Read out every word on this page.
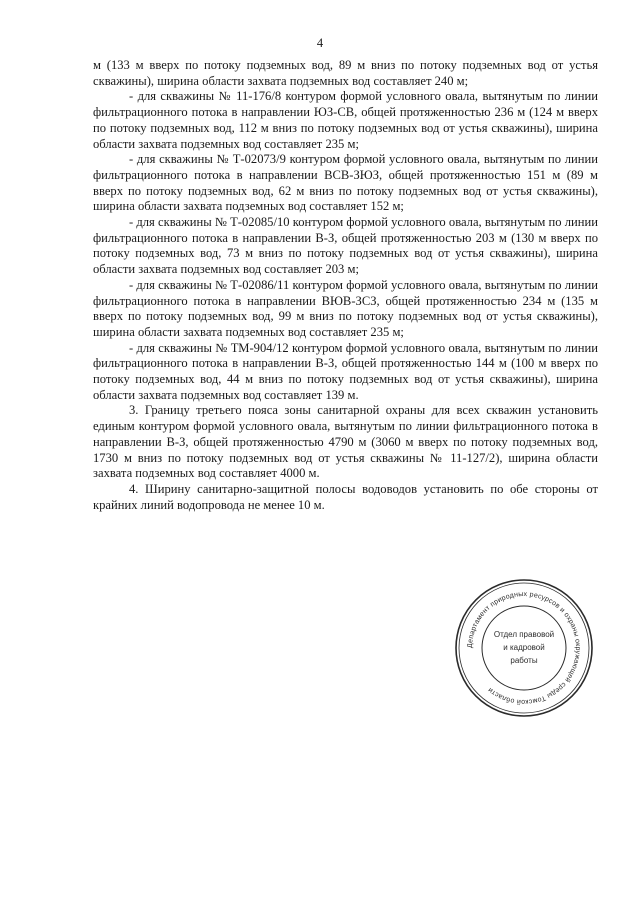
4

м (133 м вверх по потоку подземных вод, 89 м вниз по потоку подземных вод от устья скважины), ширина области захвата подземных вод составляет 240 м;

- для скважины № 11-176/8 контуром формой условного овала, вытянутым по линии фильтрационного потока в направлении ЮЗ-СВ, общей протяженностью 236 м (124 м вверх по потоку подземных вод, 112 м вниз по потоку подземных вод от устья скважины), ширина области захвата подземных вод составляет 235 м;

- для скважины № Т-02073/9 контуром формой условного овала, вытянутым по линии фильтрационного потока в направлении ВСВ-ЗЮЗ, общей протяженностью 151 м (89 м вверх по потоку подземных вод, 62 м вниз по потоку подземных вод от устья скважины), ширина области захвата подземных вод составляет 152 м;

- для скважины № Т-02085/10 контуром формой условного овала, вытянутым по линии фильтрационного потока в направлении В-З, общей протяженностью 203 м (130 м вверх по потоку подземных вод, 73 м вниз по потоку подземных вод от устья скважины), ширина области захвата подземных вод составляет 203 м;

- для скважины № Т-02086/11 контуром формой условного овала, вытянутым по линии фильтрационного потока в направлении ВЮВ-ЗСЗ, общей протяженностью 234 м (135 м вверх по потоку подземных вод, 99 м вниз по потоку подземных вод от устья скважины), ширина области захвата подземных вод составляет 235 м;

- для скважины № ТМ-904/12 контуром формой условного овала, вытянутым по линии фильтрационного потока в направлении В-З, общей протяженностью 144 м (100 м вверх по потоку подземных вод, 44 м вниз по потоку подземных вод от устья скважины), ширина области захвата подземных вод составляет 139 м.

3. Границу третьего пояса зоны санитарной охраны для всех скважин установить единым контуром формой условного овала, вытянутым по линии фильтрационного потока в направлении В-З, общей протяженностью 4790 м (3060 м вверх по потоку подземных вод, 1730 м вниз по потоку подземных вод от устья скважины № 11-127/2), ширина области захвата подземных вод составляет 4000 м.

4. Ширину санитарно-защитной полосы водоводов установить по обе стороны от крайних линий водопровода не менее 10 м.

Департамент природных ресурсов и охраны окружающей среды Томской области
Отдел правовой
и кадровой
работы
